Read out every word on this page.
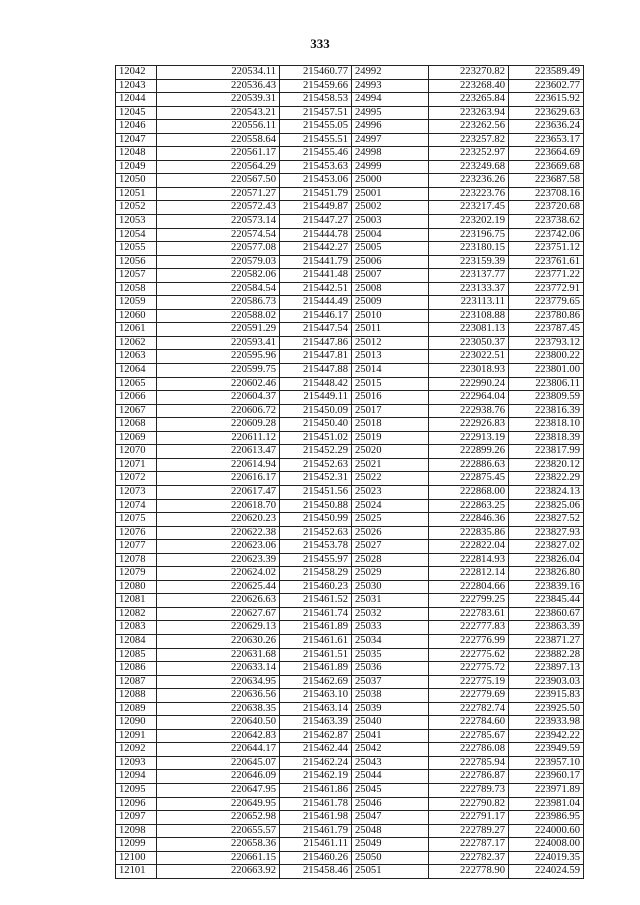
333
12042	220534.11	215460.77	24992	223270.82	223589.49
12043	220536.43	215459.66	24993	223268.40	223602.77
12044	220539.31	215458.53	24994	223265.84	223615.92
12045	220543.21	215457.51	24995	223263.94	223629.63
12046	220556.11	215455.05	24996	223262.56	223636.24
12047	220558.64	215455.51	24997	223257.82	223653.17
12048	220561.17	215455.46	24998	223252.97	223664.69
12049	220564.29	215453.63	24999	223249.68	223669.68
12050	220567.50	215453.06	25000	223236.26	223687.58
12051	220571.27	215451.79	25001	223223.76	223708.16
12052	220572.43	215449.87	25002	223217.45	223720.68
12053	220573.14	215447.27	25003	223202.19	223738.62
12054	220574.54	215444.78	25004	223196.75	223742.06
12055	220577.08	215442.27	25005	223180.15	223751.12
12056	220579.03	215441.79	25006	223159.39	223761.61
12057	220582.06	215441.48	25007	223137.77	223771.22
12058	220584.54	215442.51	25008	223133.37	223772.91
12059	220586.73	215444.49	25009	223113.11	223779.65
12060	220588.02	215446.17	25010	223108.88	223780.86
12061	220591.29	215447.54	25011	223081.13	223787.45
12062	220593.41	215447.86	25012	223050.37	223793.12
12063	220595.96	215447.81	25013	223022.51	223800.22
12064	220599.75	215447.88	25014	223018.93	223801.00
12065	220602.46	215448.42	25015	222990.24	223806.11
12066	220604.37	215449.11	25016	222964.04	223809.59
12067	220606.72	215450.09	25017	222938.76	223816.39
12068	220609.28	215450.40	25018	222926.83	223818.10
12069	220611.12	215451.02	25019	222913.19	223818.39
12070	220613.47	215452.29	25020	222899.26	223817.99
12071	220614.94	215452.63	25021	222886.63	223820.12
12072	220616.17	215452.31	25022	222875.45	223822.29
12073	220617.47	215451.56	25023	222868.00	223824.13
12074	220618.70	215450.88	25024	222863.25	223825.06
12075	220620.23	215450.99	25025	222846.36	223827.52
12076	220622.38	215452.63	25026	222835.86	223827.93
12077	220623.06	215453.78	25027	222822.04	223827.02
12078	220623.39	215455.97	25028	222814.93	223826.04
12079	220624.02	215458.29	25029	222812.14	223826.80
12080	220625.44	215460.23	25030	222804.66	223839.16
12081	220626.63	215461.52	25031	222799.25	223845.44
12082	220627.67	215461.74	25032	222783.61	223860.67
12083	220629.13	215461.89	25033	222777.83	223863.39
12084	220630.26	215461.61	25034	222776.99	223871.27
12085	220631.68	215461.51	25035	222775.62	223882.28
12086	220633.14	215461.89	25036	222775.72	223897.13
12087	220634.95	215462.69	25037	222775.19	223903.03
12088	220636.56	215463.10	25038	222779.69	223915.83
12089	220638.35	215463.14	25039	222782.74	223925.50
12090	220640.50	215463.39	25040	222784.60	223933.98
12091	220642.83	215462.87	25041	222785.67	223942.22
12092	220644.17	215462.44	25042	222786.08	223949.59
12093	220645.07	215462.24	25043	222785.94	223957.10
12094	220646.09	215462.19	25044	222786.87	223960.17
12095	220647.95	215461.86	25045	222789.73	223971.89
12096	220649.95	215461.78	25046	222790.82	223981.04
12097	220652.98	215461.98	25047	222791.17	223986.95
12098	220655.57	215461.79	25048	222789.27	224000.60
12099	220658.36	215461.11	25049	222787.17	224008.00
12100	220661.15	215460.26	25050	222782.37	224019.35
12101	220663.92	215458.46	25051	222778.90	224024.59
